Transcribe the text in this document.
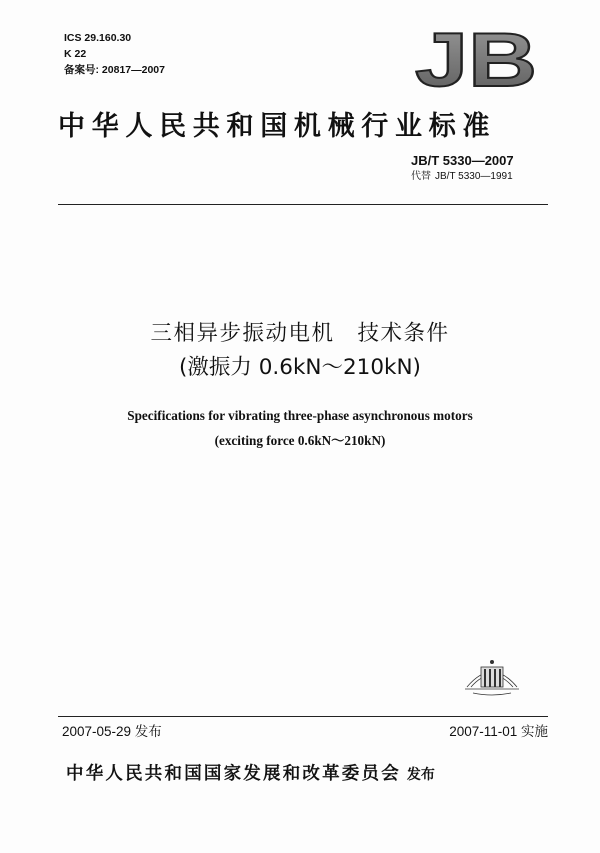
ICS 29.160.30
K 22
备案号: 20817—2007	JB
中华人民共和国机械行业标准
JB/T 5330—2007
代替 JB/T 5330—1991
三相异步振动电机　技术条件
(激振力 0.6kN～210kN)
Specifications for vibrating three-phase asynchronous motors
(exciting force 0.6kN～210kN)
2007-05-29 发布	2007-11-01 实施
中华人民共和国国家发展和改革委员会 发布
